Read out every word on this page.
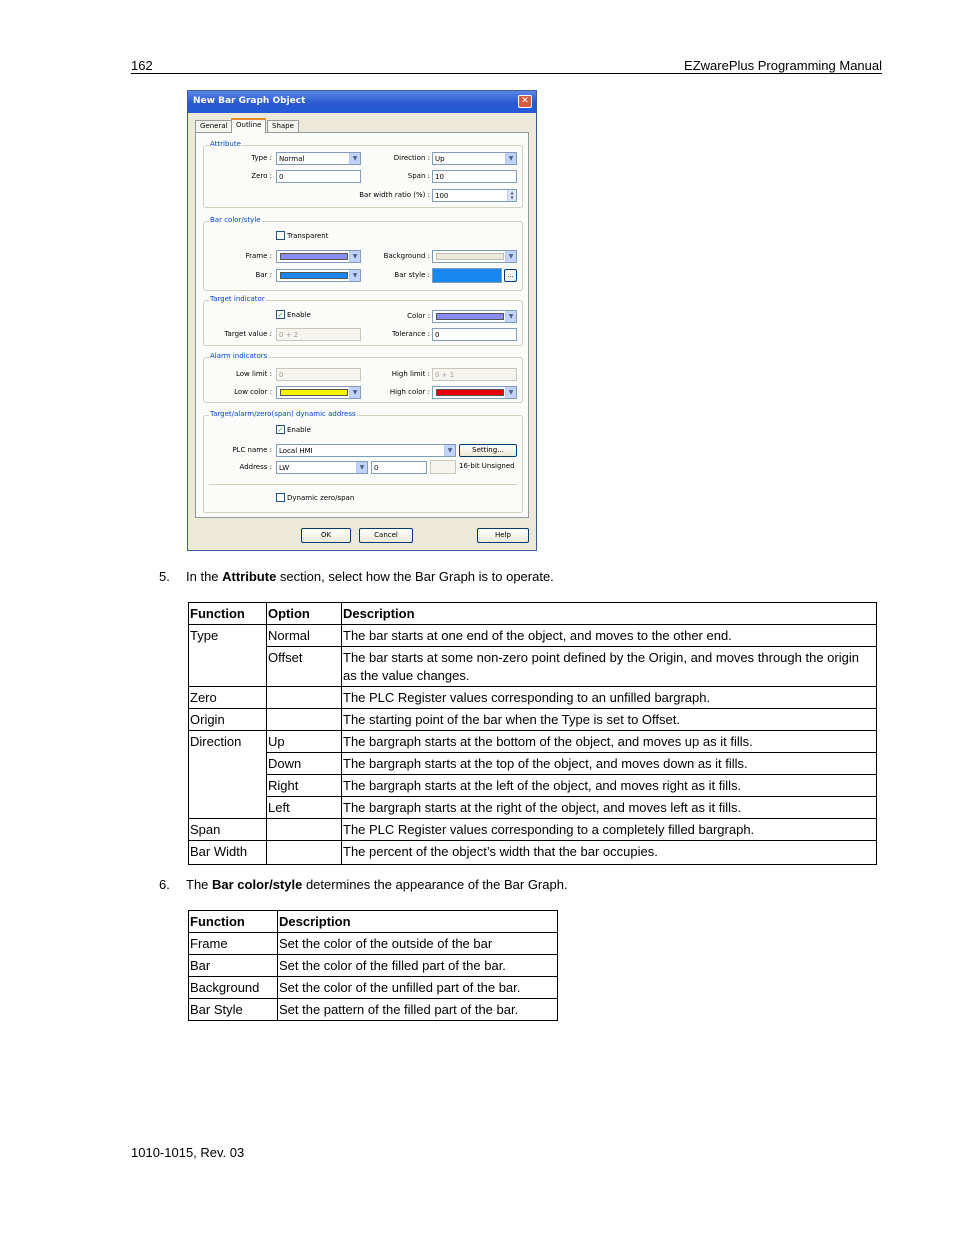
162	EZwarePlus Programming Manual
New Bar Graph Object	✕
General	Outline	Shape
Attribute
Type :	Normal	▼	Direction : Up	▼
Zero :	0	Span : 10
Bar width ratio (%) : 100	▲
▼
Bar color/style
Transparent
Frame :	▼	Background :	▼
Bar :	▼	Bar style :	...
Target indicator
✓ Enable	Color :	▼
Target value :	0 + 2	Tolerance : 0
Alarm indicators
Low limit :	0	High limit : 0 + 1
Low color :	▼	High color :	▼
Target/alarm/zero(span) dynamic address
✓ Enable
PLC name :	Local HMI	▼	Setting...
Address :	LW	▼	0	16-bit Unsigned
Dynamic zero/span
OK	Cancel	Help
5. In the Attribute section, select how the Bar Graph is to operate.
Function	Option	Description
Type	Normal	The bar starts at one end of the object, and moves to the other end.
	Offset	The bar starts at some non-zero point defined by the Origin, and moves through the origin as the value changes.
Zero		The PLC Register values corresponding to an unfilled bargraph.
Origin		The starting point of the bar when the Type is set to Offset.
Direction	Up	The bargraph starts at the bottom of the object, and moves up as it fills.
	Down	The bargraph starts at the top of the object, and moves down as it fills.
	Right	The bargraph starts at the left of the object, and moves right as it fills.
	Left	The bargraph starts at the right of the object, and moves left as it fills.
Span		The PLC Register values corresponding to a completely filled bargraph.
Bar Width		The percent of the object’s width that the bar occupies.
6. The Bar color/style determines the appearance of the Bar Graph.
Function	Description
Frame	Set the color of the outside of the bar
Bar	Set the color of the filled part of the bar.
Background	Set the color of the unfilled part of the bar.
Bar Style	Set the pattern of the filled part of the bar.
1010-1015, Rev. 03
